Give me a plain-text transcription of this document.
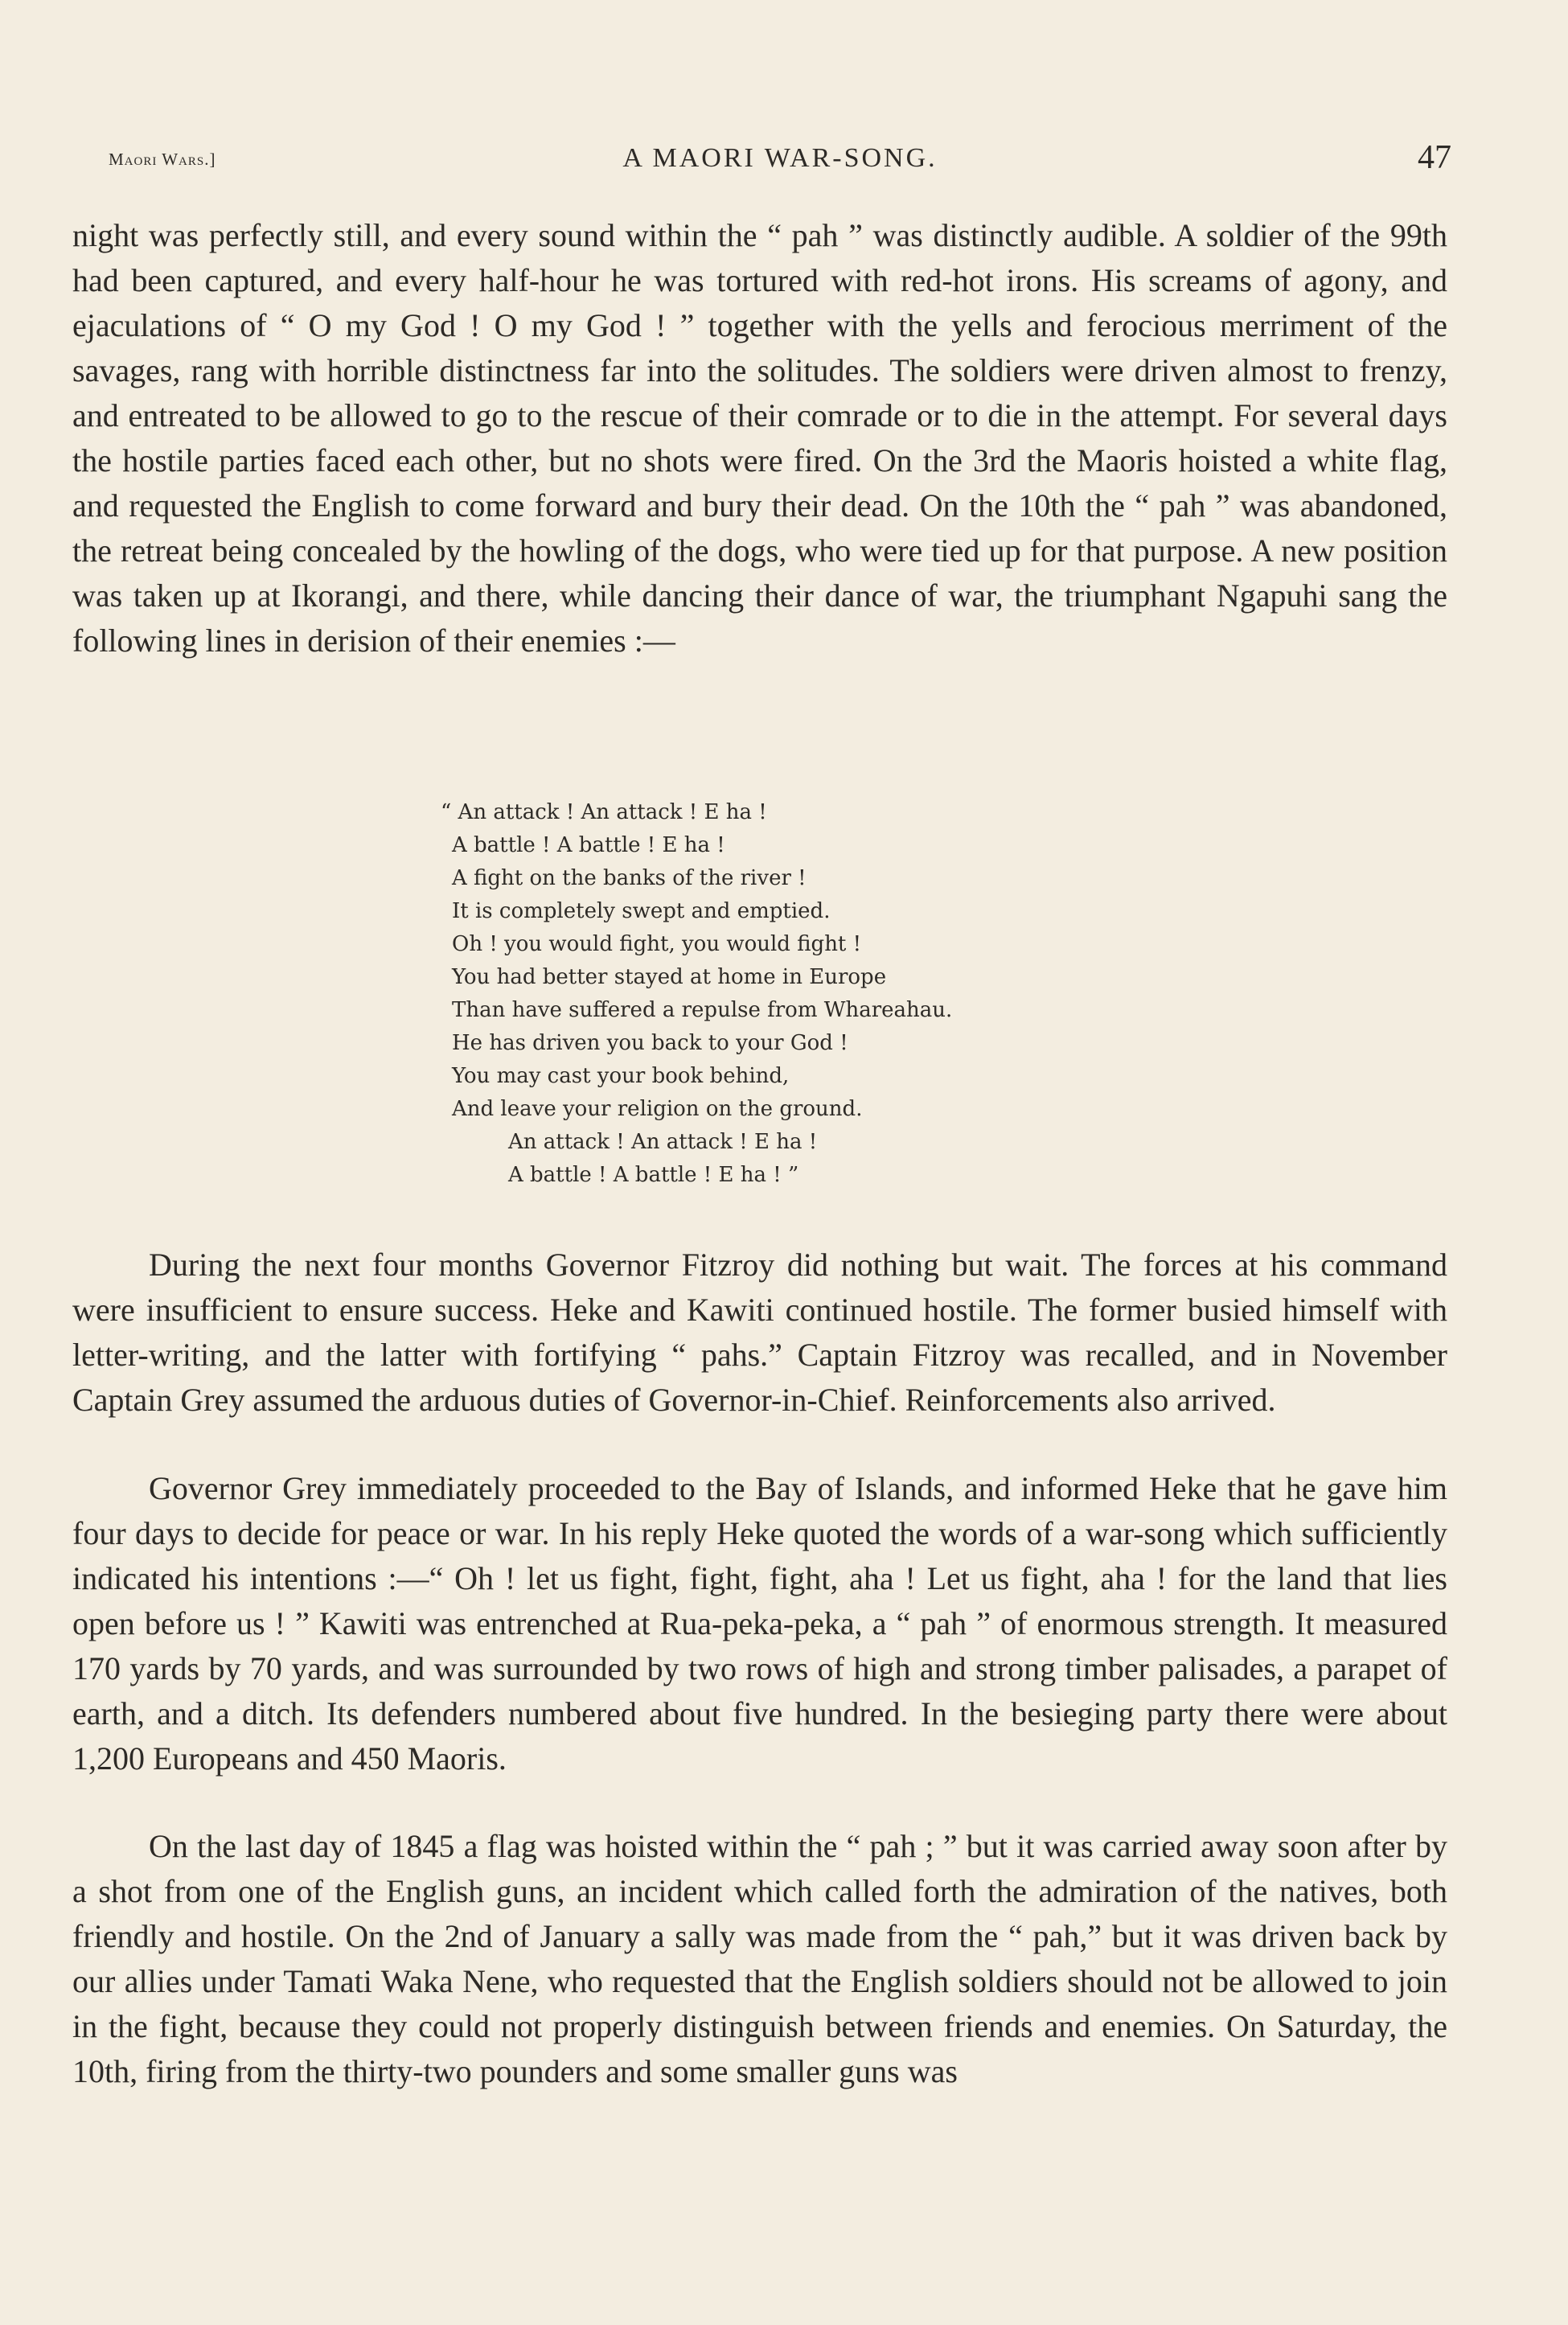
Maori Wars.]	A MAORI WAR-SONG.	47

night was perfectly still, and every sound within the “ pah ” was distinctly audible. A soldier of the 99th had been captured, and every half-hour he was tortured with red-hot irons. His screams of agony, and ejaculations of “ O my God ! O my God ! ” together with the yells and ferocious merriment of the savages, rang with horrible distinctness far into the solitudes. The soldiers were driven almost to frenzy, and entreated to be allowed to go to the rescue of their comrade or to die in the attempt. For several days the hostile parties faced each other, but no shots were fired. On the 3rd the Maoris hoisted a white flag, and requested the English to come forward and bury their dead. On the 10th the “ pah ” was abandoned, the retreat being concealed by the howling of the dogs, who were tied up for that purpose. A new position was taken up at Ikorangi, and there, while dancing their dance of war, the triumphant Ngapuhi sang the following lines in derision of their enemies :—

“ An attack ! An attack ! E ha !
A battle ! A battle ! E ha !
A fight on the banks of the river !
It is completely swept and emptied.
Oh ! you would fight, you would fight !
You had better stayed at home in Europe
Than have suffered a repulse from Whareahau.
He has driven you back to your God !
You may cast your book behind,
And leave your religion on the ground.
An attack ! An attack ! E ha !
A battle ! A battle ! E ha ! ”

During the next four months Governor Fitzroy did nothing but wait. The forces at his command were insufficient to ensure success. Heke and Kawiti continued hostile. The former busied himself with letter-writing, and the latter with fortifying “ pahs.” Captain Fitzroy was recalled, and in November Captain Grey assumed the arduous duties of Governor-in-Chief. Reinforcements also arrived.

Governor Grey immediately proceeded to the Bay of Islands, and informed Heke that he gave him four days to decide for peace or war. In his reply Heke quoted the words of a war-song which sufficiently indicated his intentions :—“ Oh ! let us fight, fight, fight, aha ! Let us fight, aha ! for the land that lies open before us ! ” Kawiti was entrenched at Rua-peka-peka, a “ pah ” of enormous strength. It measured 170 yards by 70 yards, and was surrounded by two rows of high and strong timber palisades, a parapet of earth, and a ditch. Its defenders numbered about five hundred. In the besieging party there were about 1,200 Europeans and 450 Maoris.

On the last day of 1845 a flag was hoisted within the “ pah ; ” but it was carried away soon after by a shot from one of the English guns, an incident which called forth the admiration of the natives, both friendly and hostile. On the 2nd of January a sally was made from the “ pah,” but it was driven back by our allies under Tamati Waka Nene, who requested that the English soldiers should not be allowed to join in the fight, because they could not properly distinguish between friends and enemies. On Saturday, the 10th, firing from the thirty-two pounders and some smaller guns was
